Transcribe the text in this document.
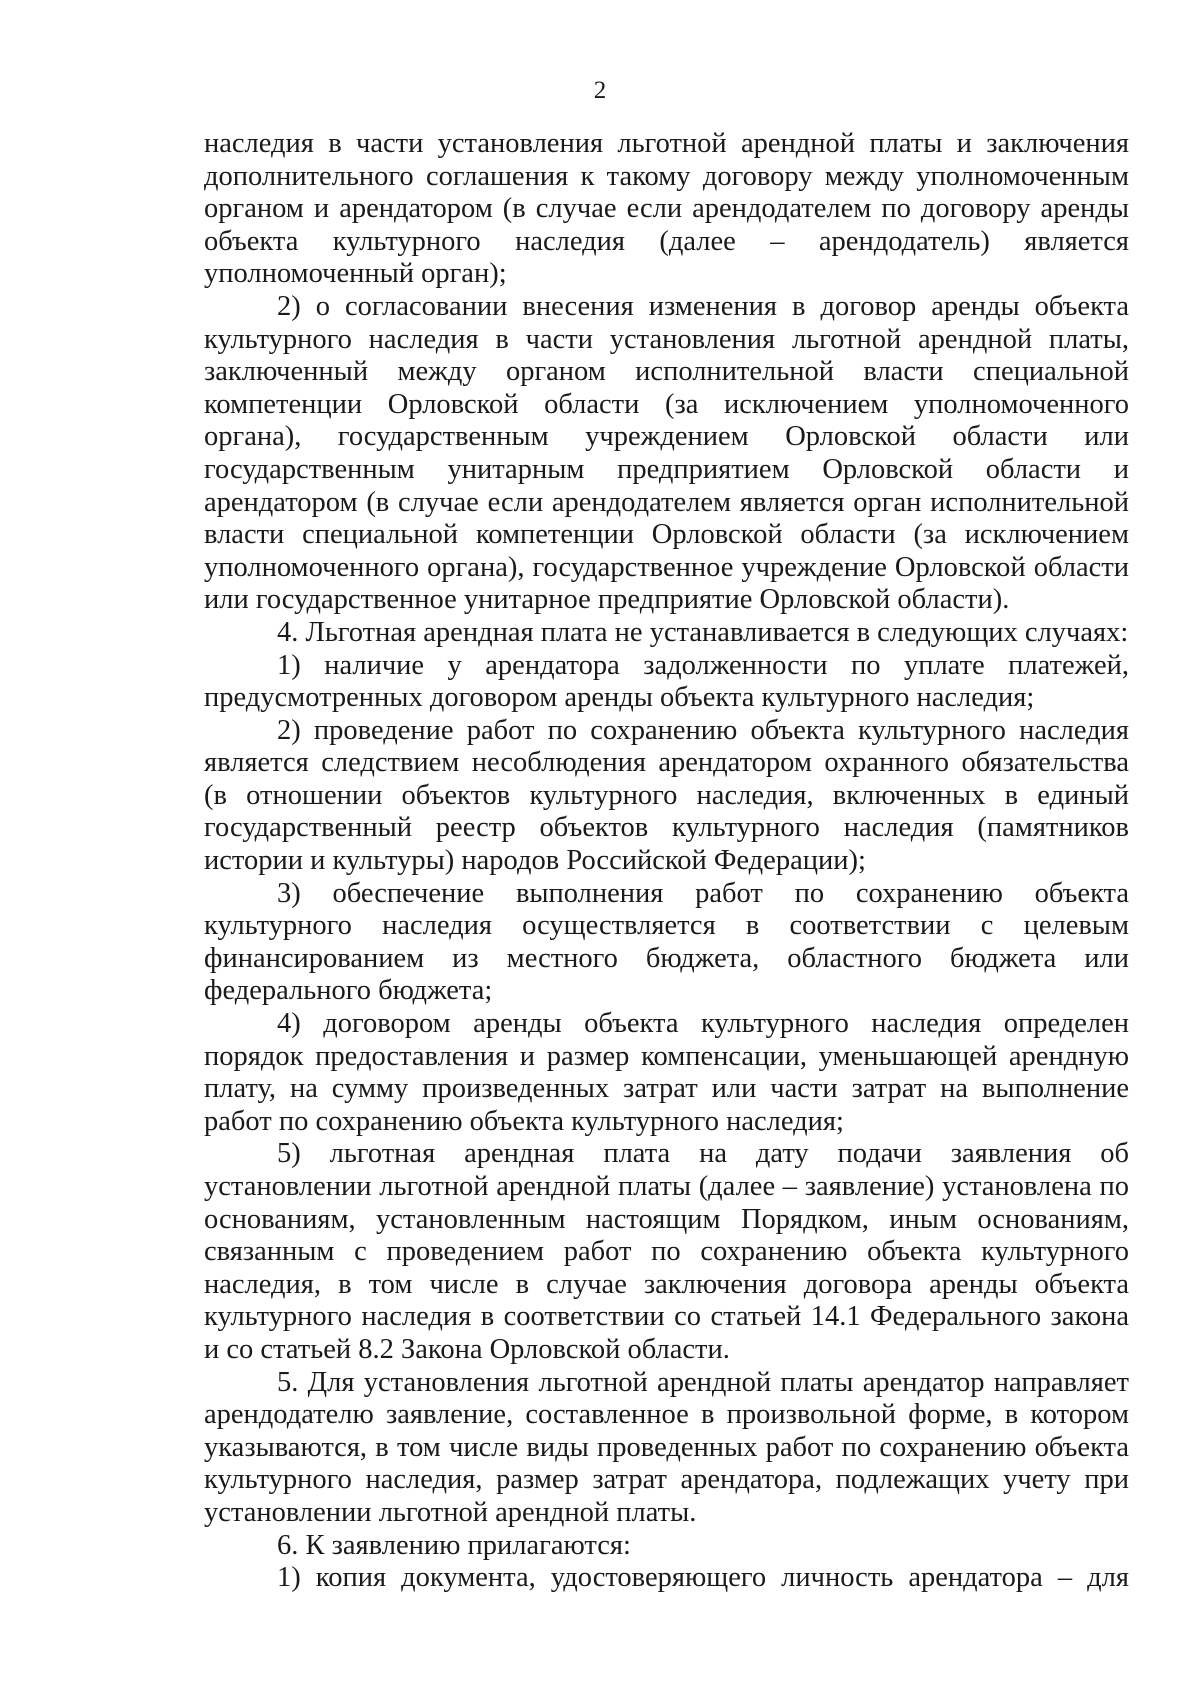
2

наследия в части установления льготной арендной платы и заключения дополнительного соглашения к такому договору между уполномоченным органом и арендатором (в случае если арендодателем по договору аренды объекта культурного наследия (далее – арендодатель) является уполномоченный орган);

2) о согласовании внесения изменения в договор аренды объекта культурного наследия в части установления льготной арендной платы, заключенный между органом исполнительной власти специальной компетенции Орловской области (за исключением уполномоченного органа), государственным учреждением Орловской области или государственным унитарным предприятием Орловской области и арендатором (в случае если арендодателем является орган исполнительной власти специальной компетенции Орловской области (за исключением уполномоченного органа), государственное учреждение Орловской области или государственное унитарное предприятие Орловской области).

4. Льготная арендная плата не устанавливается в следующих случаях:

1) наличие у арендатора задолженности по уплате платежей, предусмотренных договором аренды объекта культурного наследия;

2) проведение работ по сохранению объекта культурного наследия является следствием несоблюдения арендатором охранного обязательства (в отношении объектов культурного наследия, включенных в единый государственный реестр объектов культурного наследия (памятников истории и культуры) народов Российской Федерации);

3) обеспечение выполнения работ по сохранению объекта культурного наследия осуществляется в соответствии с целевым финансированием из местного бюджета, областного бюджета или федерального бюджета;

4) договором аренды объекта культурного наследия определен порядок предоставления и размер компенсации, уменьшающей арендную плату, на сумму произведенных затрат или части затрат на выполнение работ по сохранению объекта культурного наследия;

5) льготная арендная плата на дату подачи заявления об установлении льготной арендной платы (далее – заявление) установлена по основаниям, установленным настоящим Порядком, иным основаниям, связанным с проведением работ по сохранению объекта культурного наследия, в том числе в случае заключения договора аренды объекта культурного наследия в соответствии со статьей 14.1 Федерального закона и со статьей 8.2 Закона Орловской области.

5. Для установления льготной арендной платы арендатор направляет арендодателю заявление, составленное в произвольной форме, в котором указываются, в том числе виды проведенных работ по сохранению объекта культурного наследия, размер затрат арендатора, подлежащих учету при установлении льготной арендной платы.

6. К заявлению прилагаются:

1) копия документа, удостоверяющего личность арендатора – для
